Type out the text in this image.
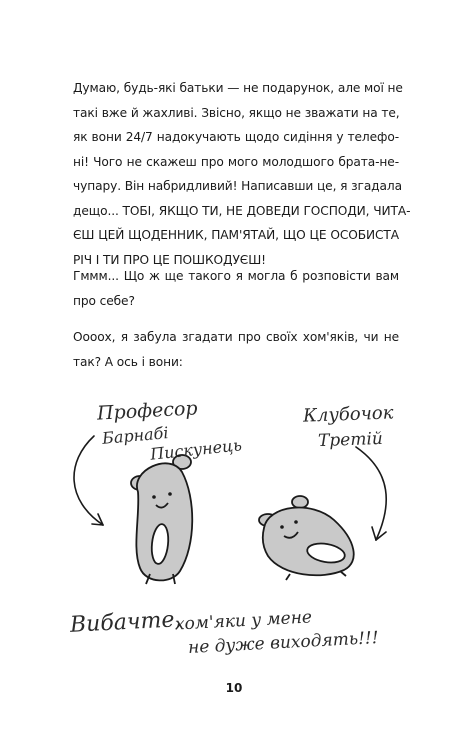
Думаю, будь-які батьки — не подарунок, але мої не
такі вже й жахливі. Звісно, якщо не зважати на те,
як вони 24/7 надокучають щодо сидіння у телефо-
ні! Чого не скажеш про мого молодшого брата-не-
чупару. Він набридливий! Написавши це, я згадала
дещо... ТОБІ, ЯКЩО ТИ, НЕ ДОВЕДИ ГОСПОДИ, ЧИТА-
ЄШ ЦЕЙ ЩОДЕННИК, ПАМ'ЯТАЙ, ЩО ЦЕ ОСОБИСТА
РІЧ І ТИ ПРО ЦЕ ПОШКОДУЄШ!
Гммм... Що ж ще такого я могла б розповісти вам
про себе?
Оооох, я забула згадати про своїх хом'яків, чи не
так? А ось і вони:
Професор
Барнабі
Пискунець
Клубочок
Третій
Вибачте,
хом'яки у мене
не дуже виходять!!!
10
